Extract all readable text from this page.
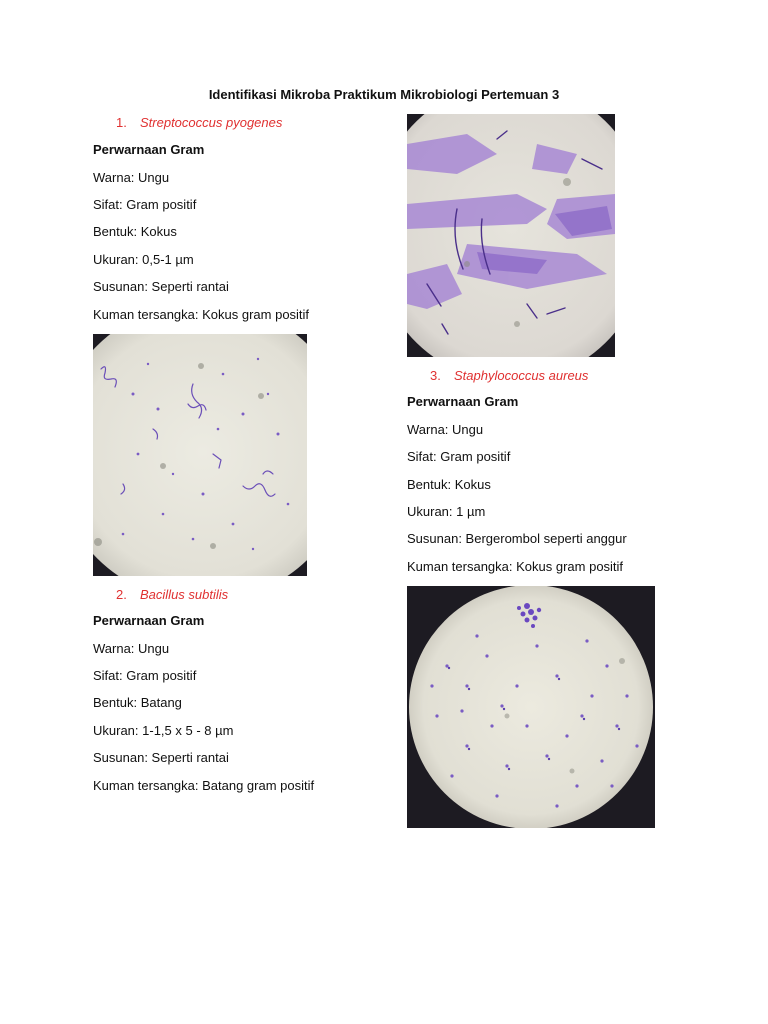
Identifikasi Mikroba Praktikum Mikrobiologi Pertemuan 3
1. Streptococcus pyogenes
Perwarnaan Gram
Warna: Ungu
Sifat: Gram positif
Bentuk: Kokus
Ukuran: 0,5-1 µm
Susunan: Seperti rantai
Kuman tersangka: Kokus gram positif
2. Bacillus subtilis
Perwarnaan Gram
Warna: Ungu
Sifat: Gram positif
Bentuk: Batang
Ukuran: 1-1,5 x 5 - 8 µm
Susunan: Seperti rantai
Kuman tersangka: Batang gram positif
3. Staphylococcus aureus
Perwarnaan Gram
Warna: Ungu
Sifat: Gram positif
Bentuk: Kokus
Ukuran: 1 µm
Susunan: Bergerombol seperti anggur
Kuman tersangka: Kokus gram positif
